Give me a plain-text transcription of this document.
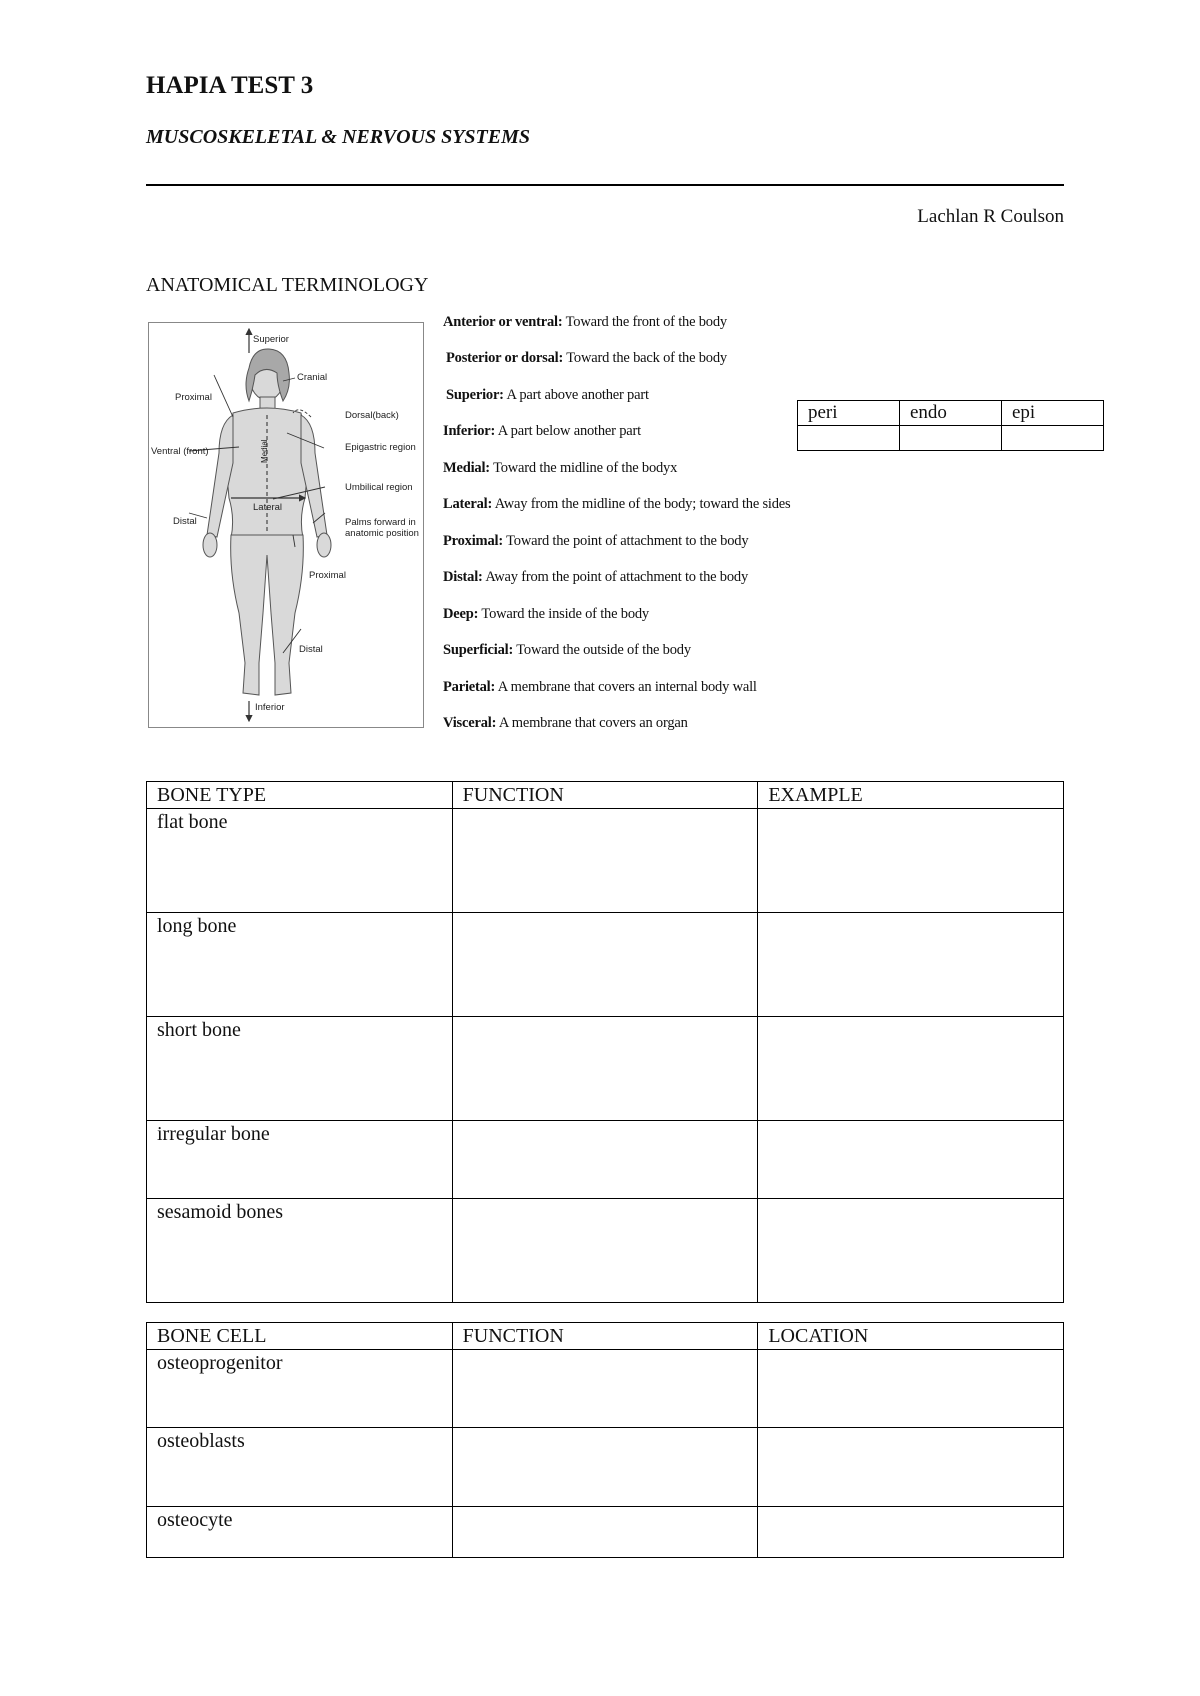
HAPIA TEST 3
MUSCOSKELETAL & NERVOUS SYSTEMS
Lachlan R Coulson
ANATOMICAL TERMINOLOGY
Medial
Superior
Cranial
Proximal
Dorsal(back)
Epigastric region
Ventral (front)
Umbilical region
Lateral
Distal	Palms forward in
anatomic position
Proximal
Distal
Inferior
Anterior or ventral: Toward the front of the body
Posterior or dorsal: Toward the back of the body
Superior: A part above another part
Inferior: A part below another part
Medial: Toward the midline of the bodyx
Lateral: Away from the midline of the body; toward the sides
Proximal: Toward the point of attachment to the body
Distal: Away from the point of attachment to the body
Deep: Toward the inside of the body
Superficial: Toward the outside of the body
Parietal: A membrane that covers an internal body wall
Visceral: A membrane that covers an organ
peri	endo	epi

BONE TYPE	FUNCTION	EXAMPLE
flat bone		
long bone		
short bone		
irregular bone		
sesamoid bones		
BONE CELL	FUNCTION	LOCATION
osteoprogenitor		
osteoblasts		
osteocyte		
